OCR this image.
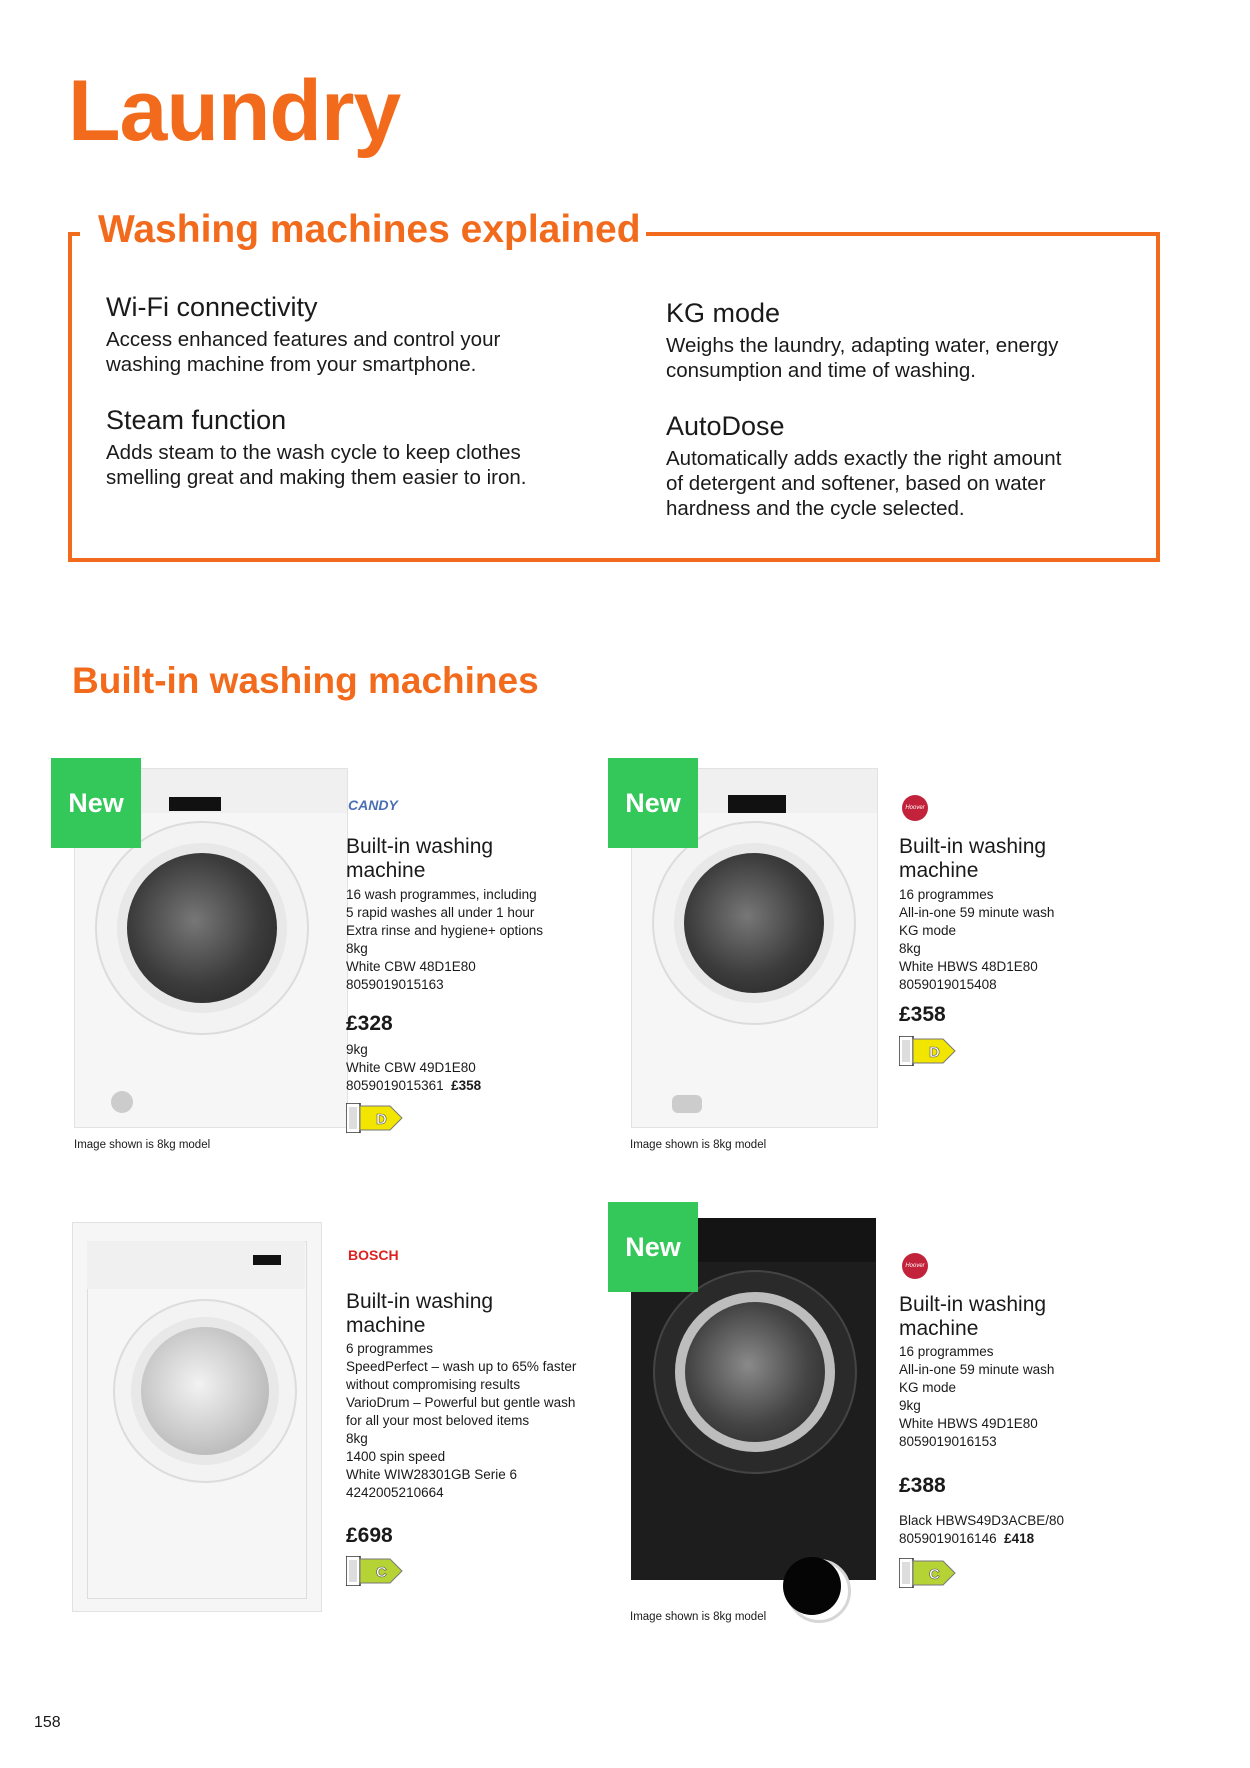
Laundry
Washing machines explained
Wi-Fi connectivity
Access enhanced features and control your
washing machine from your smartphone.
Steam function
Adds steam to the wash cycle to keep clothes
smelling great and making them easier to iron.
KG mode
Weighs the laundry, adapting water, energy
consumption and time of washing.
AutoDose
Automatically adds exactly the right amount
of detergent and softener, based on water
hardness and the cycle selected.
Built-in washing machines
New	CANDY
Built-in washing
machine
16 wash programmes, including
5 rapid washes all under 1 hour
Extra rinse and hygiene+ options
8kg
White CBW 48D1E80
8059019015163
£328
9kg
White CBW 49D1E80
8059019015361 £358
D
Image shown is 8kg model
New	Hoover
Built-in washing
machine
16 programmes
All-in-one 59 minute wash
KG mode
8kg
White HBWS 48D1E80
8059019015408
£358
D
Image shown is 8kg model
BOSCH
Built-in washing
machine
6 programmes
SpeedPerfect – wash up to 65% faster
without compromising results
VarioDrum – Powerful but gentle wash
for all your most beloved items
8kg
1400 spin speed
White WIW28301GB Serie 6
4242005210664
£698
C
New
Hoover
Built-in washing
machine
16 programmes
All-in-one 59 minute wash
KG mode
9kg
White HBWS 49D1E80
8059019016153
£388
Black HBWS49D3ACBE/80
8059019016146 £418
C
Image shown is 8kg model
158
